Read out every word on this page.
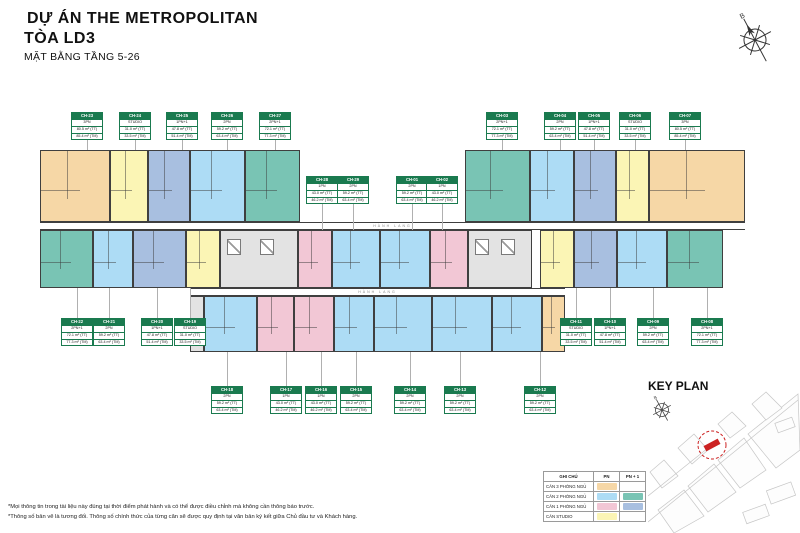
DỰ ÁN THE METROPOLITAN
TÒA LD3
MẶT BẰNG TẦNG 5-26
B
HÀNH LANG
HÀNH LANG
CH-23
3PN
80.5 m² (TT)
85.4 m² (TM)
CH-24
STUDIO
31.0 m² (TT)
33.5 m² (TM)
CH-25
1PN+1
47.8 m² (TT)
51.4 m² (TM)
CH-26
2PN
59.2 m² (TT)
63.4 m² (TM)
CH-27
2PN+1
72.1 m² (TT)
77.3 m² (TM)
CH-03
2PN+1
72.1 m² (TT)
77.3 m² (TM)
CH-04
2PN
59.2 m² (TT)
63.4 m² (TM)
CH-05
1PN+1
47.8 m² (TT)
51.4 m² (TM)
CH-06
STUDIO
31.0 m² (TT)
33.5 m² (TM)
CH-07
3PN
80.5 m² (TT)
85.4 m² (TM)
CH-28
1PN
43.0 m² (TT)
46.2 m² (TM)
CH-29
2PN
59.2 m² (TT)
63.4 m² (TM)
CH-01
2PN
59.2 m² (TT)
63.4 m² (TM)
CH-02
1PN
43.0 m² (TT)
46.2 m² (TM)
CH-22
2PN+1
72.1 m² (TT)
77.3 m² (TM)
CH-21
2PN
59.2 m² (TT)
63.4 m² (TM)
CH-20
1PN+1
47.8 m² (TT)
51.4 m² (TM)
CH-19
STUDIO
31.0 m² (TT)
33.5 m² (TM)
CH-11
STUDIO
31.0 m² (TT)
33.5 m² (TM)
CH-10
1PN+1
47.8 m² (TT)
51.4 m² (TM)
CH-09
2PN
59.2 m² (TT)
63.4 m² (TM)
CH-08
2PN+1
72.1 m² (TT)
77.3 m² (TM)
CH-18
2PN
59.2 m² (TT)
63.4 m² (TM)
CH-17
1PN
43.0 m² (TT)
46.2 m² (TM)
CH-16
1PN
43.0 m² (TT)
46.2 m² (TM)
CH-15
2PN
59.2 m² (TT)
63.4 m² (TM)
CH-14
2PN
59.2 m² (TT)
63.4 m² (TM)
CH-13
2PN
59.2 m² (TT)
63.4 m² (TM)
CH-12
2PN
59.2 m² (TT)
63.4 m² (TM)
KEY PLAN
B
GHI CHÚ	PN	PN + 1
CĂN 3 PHÒNG NGỦ	

CĂN 2 PHÒNG NGỦ	

CĂN 1 PHÒNG NGỦ	

CĂN STUDIO	

*Mọi thông tin trong tài liệu này đúng tại thời điểm phát hành và có thể được điều chỉnh mà không cần thông báo trước.
*Thông số bản vẽ là tương đối. Thông số chính thức của từng căn sẽ được quy định tại văn bản ký kết giữa Chủ đầu tư và Khách hàng.
